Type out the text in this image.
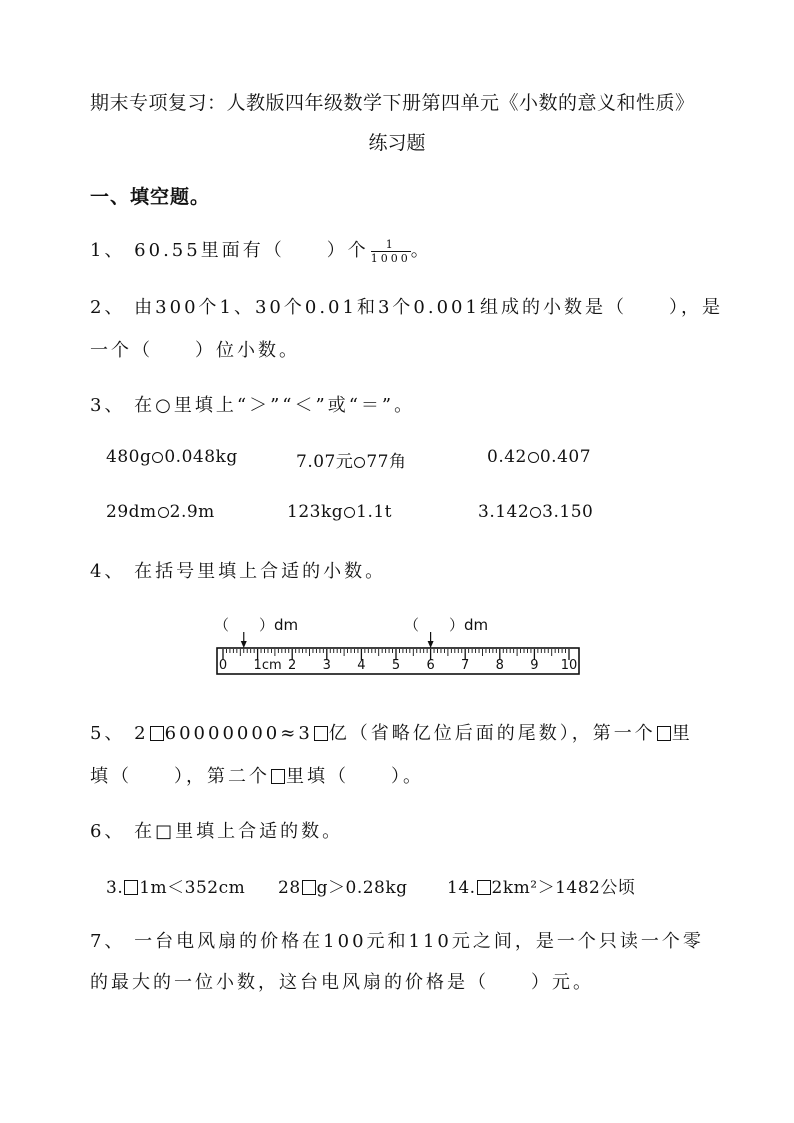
期末专项复习：人教版四年级数学下册第四单元《小数的意义和性质》
练习题
一、填空题。
1、 60.55里面有（　　）个 $\frac{1}{1000}$ 。
2、 由300个1、30个0.01和3个0.001组成的小数是（　　），是
一个（　　）位小数。
3、 在○里填上“＞”“＜”或“＝”。
480g 0.048kg	7.07元 77角	0.42 0.407
29dm 2.9m	123kg 1.1t	3.142 3.150
4、 在括号里填上合适的小数。
（　　）dm	（　　）dm
0 1cm 2 3 4 5 6 7 8 9 10
5、 2 60000000≈3 亿（省略亿位后面的尾数），第一个 里
填（　　），第二个 里填（　　）。
6、 在□里填上合适的数。
3. 1m＜352cm 28 g＞0.28kg 14. 2km²＞1482公顷
7、 一台电风扇的价格在100元和110元之间，是一个只读一个零
的最大的一位小数，这台电风扇的价格是（　　）元。
